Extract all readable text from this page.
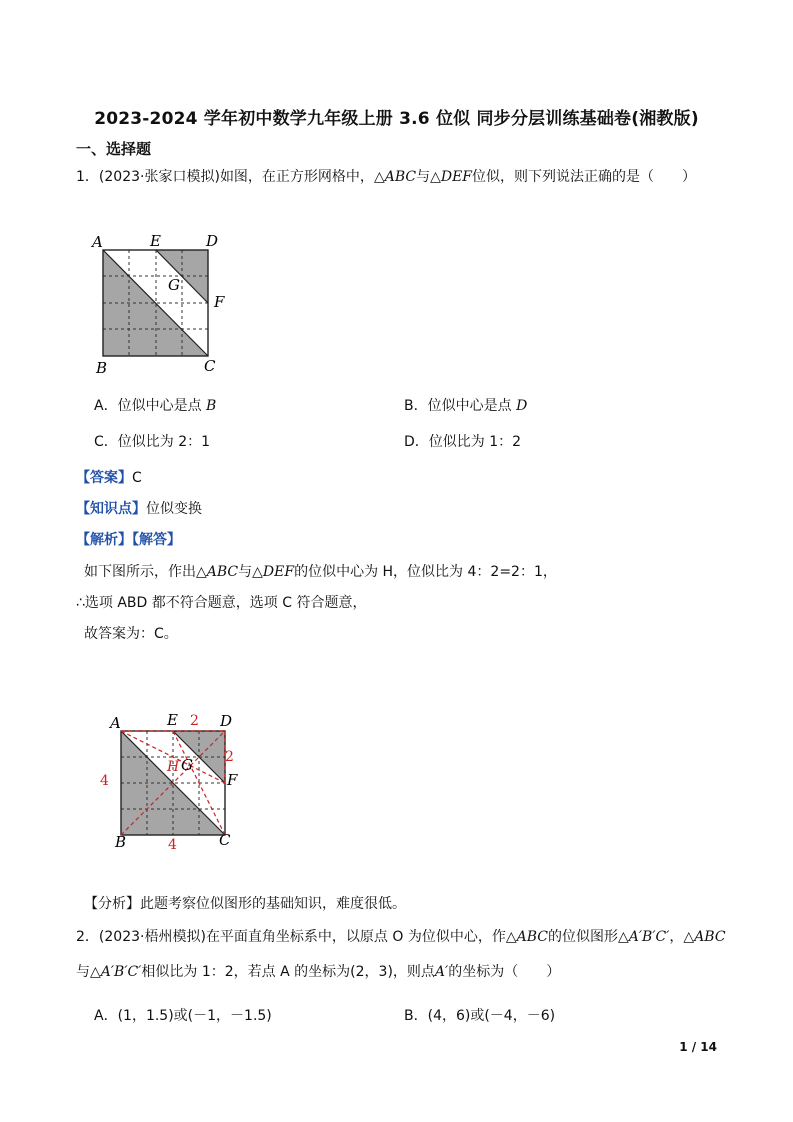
2023-2024 学年初中数学九年级上册 3.6 位似 同步分层训练基础卷(湘教版)
一、选择题
1．(2023·张家口模拟)如图，在正方形网格中，△ABC与△DEF位似，则下列说法正确的是（　　）
A	E	D
G
F
B	C
A．位似中心是点 B	B．位似中心是点 D
C．位似比为 2：1	D．位似比为 1：2
【答案】C
【知识点】位似变换
【解析】【解答】
如下图所示，作出△ABC与△DEF的位似中心为 H，位似比为 4：2=2：1，
∴选项 ABD 都不符合题意，选项 C 符合题意，
故答案为：C。
A	E 2 D
2
H G
F
4
B	4	C
【分析】此题考察位似图形的基础知识，难度很低。
2．(2023·梧州模拟)在平面直角坐标系中，以原点 O 为位似中心，作△ABC的位似图形△A′B′C′，△ABC
与△A′B′C′相似比为 1：2，若点 A 的坐标为(2，3)，则点A′的坐标为（　　）
A．(1，1.5)或(－1，－1.5)	B．(4，6)或(－4，－6)
1 / 14
